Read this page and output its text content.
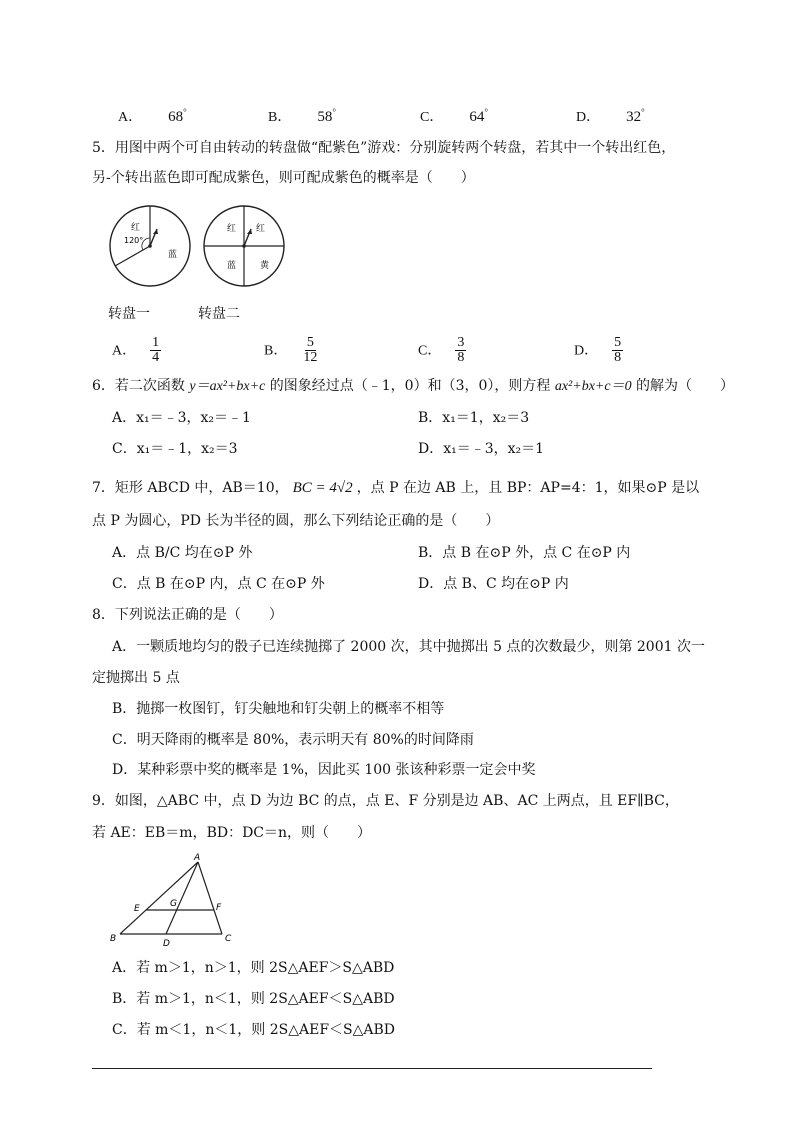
A． 68°	B． 58°	C． 64°	D． 32°
5．用图中两个可自由转动的转盘做“配紫色”游戏：分别旋转两个转盘，若其中一个转出红色，
另-个转出蓝色即可配成紫色，则可配成紫色的概率是（　　）
红
120°
蓝
红 红
蓝	黄
转盘一	转盘二
A． $\frac{1}{4}$	B． $\frac{5}{12}$	C． $\frac{3}{8}$	D． $\frac{5}{8}$
6．若二次函数 y＝ax²+bx+c 的图象经过点（﹣1，0）和（3，0），则方程 ax²+bx+c＝0 的解为（　　）
A．x₁＝﹣3，x₂＝﹣1	B．x₁＝1，x₂＝3
C．x₁＝﹣1，x₂＝3	D．x₁＝﹣3，x₂＝1
7．矩形 ABCD 中，AB＝10， BC = 4√2 ，点 P 在边 AB 上，且 BP：AP=4：1，如果⊙P 是以
点 P 为圆心，PD 长为半径的圆，那么下列结论正确的是（　　）
A．点 B/C 均在⊙P 外	B．点 B 在⊙P 外，点 C 在⊙P 内
C．点 B 在⊙P 内，点 C 在⊙P 外	D．点 B、C 均在⊙P 内
8．下列说法正确的是（　　）
A．一颗质地均匀的骰子已连续抛掷了 2000 次，其中抛掷出 5 点的次数最少，则第 2001 次一
定抛掷出 5 点
B．抛掷一枚图钉，钉尖触地和钉尖朝上的概率不相等
C．明天降雨的概率是 80%，表示明天有 80%的时间降雨
D．某种彩票中奖的概率是 1%，因此买 100 张该种彩票一定会中奖
9．如图，△ABC 中，点 D 为边 BC 的点，点 E、F 分别是边 AB、AC 上两点，且 EF∥BC，
若 AE：EB＝m，BD：DC＝n，则（　　）
A
B	C
D
E	F
G
A．若 m＞1，n＞1，则 2S△AEF＞S△ABD
B．若 m＞1，n＜1，则 2S△AEF＜S△ABD
C．若 m＜1，n＜1，则 2S△AEF＜S△ABD
